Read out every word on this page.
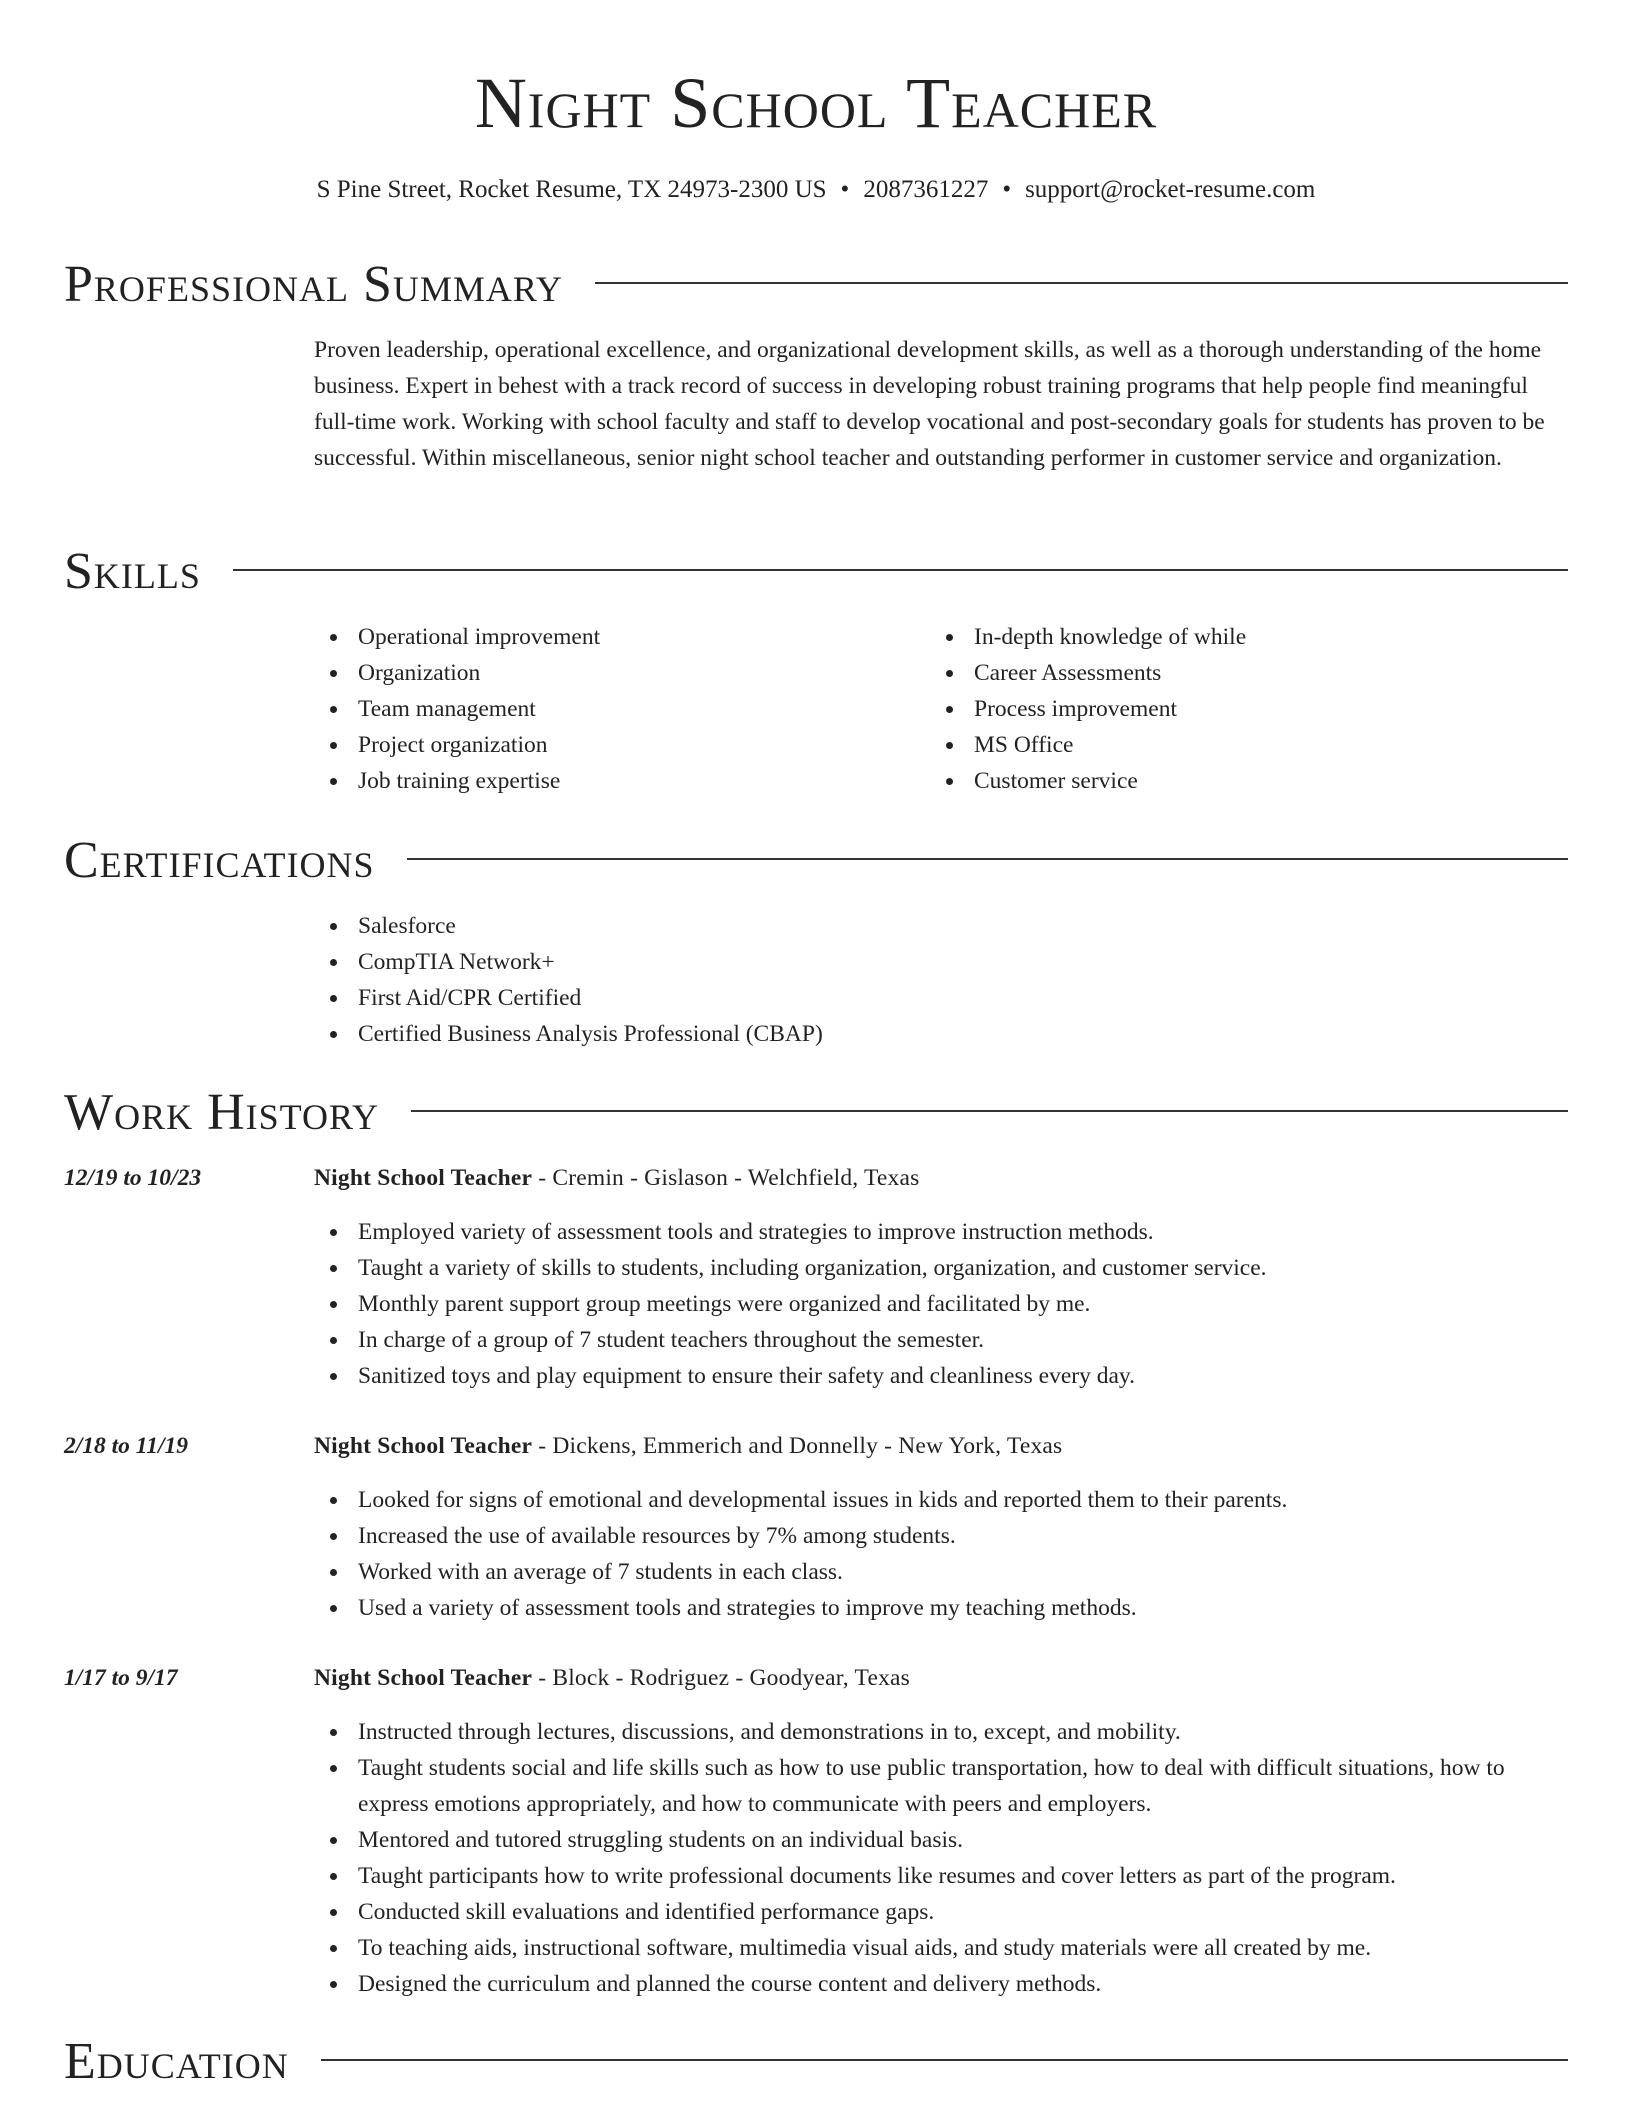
Night School Teacher
S Pine Street, Rocket Resume, TX 24973-2300 US • 2087361227 • support@rocket-resume.com
Professional Summary

Proven leadership, operational excellence, and organizational development skills, as well as a thorough understanding of the home business. Expert in behest with a track record of success in developing robust training programs that help people find meaningful full-time work. Working with school faculty and staff to develop vocational and post-secondary goals for students has proven to be successful. Within miscellaneous, senior night school teacher and outstanding performer in customer service and organization.

Skills
Operational improvement
Organization
Team management
Project organization
Job training expertise
In-depth knowledge of while
Career Assessments
Process improvement
MS Office
Customer service
Certifications
Salesforce
CompTIA Network+
First Aid/CPR Certified
Certified Business Analysis Professional (CBAP)
Work History
12/19 to 10/23	Night School Teacher - Cremin - Gislason - Welchfield, Texas
Employed variety of assessment tools and strategies to improve instruction methods.
Taught a variety of skills to students, including organization, organization, and customer service.
Monthly parent support group meetings were organized and facilitated by me.
In charge of a group of 7 student teachers throughout the semester.
Sanitized toys and play equipment to ensure their safety and cleanliness every day.
2/18 to 11/19	Night School Teacher - Dickens, Emmerich and Donnelly - New York, Texas
Looked for signs of emotional and developmental issues in kids and reported them to their parents.
Increased the use of available resources by 7% among students.
Worked with an average of 7 students in each class.
Used a variety of assessment tools and strategies to improve my teaching methods.
1/17 to 9/17	Night School Teacher - Block - Rodriguez - Goodyear, Texas
Instructed through lectures, discussions, and demonstrations in to, except, and mobility.
Taught students social and life skills such as how to use public transportation, how to deal with difficult situations, how to express emotions appropriately, and how to communicate with peers and employers.
Mentored and tutored struggling students on an individual basis.
Taught participants how to write professional documents like resumes and cover letters as part of the program.
Conducted skill evaluations and identified performance gaps.
To teaching aids, instructional software, multimedia visual aids, and study materials were all created by me.
Designed the curriculum and planned the course content and delivery methods.
Education
